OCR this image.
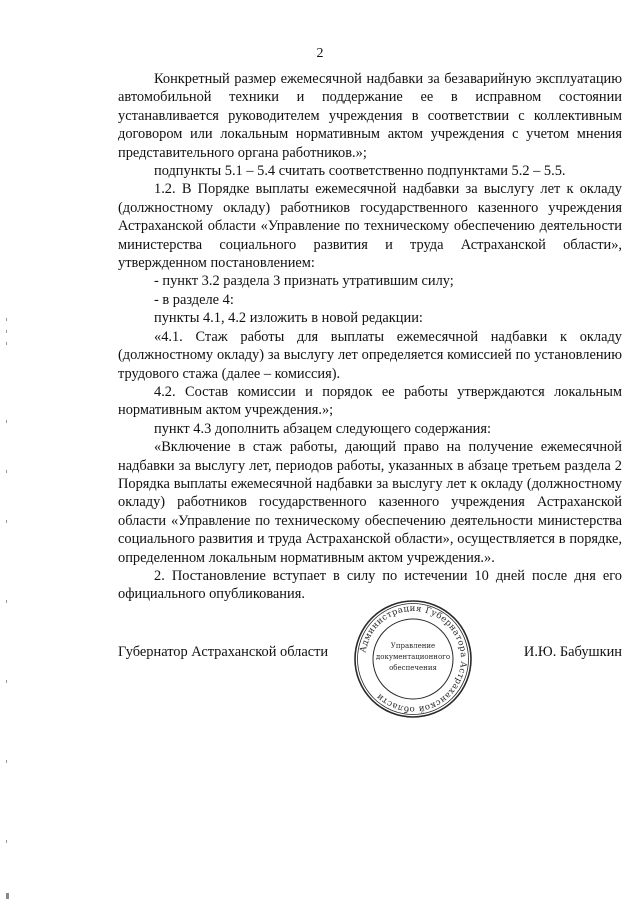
2

Конкретный размер ежемесячной надбавки за безаварийную эксплуатацию автомобильной техники и поддержание ее в исправном состоянии устанавливается руководителем учреждения в соответствии с коллективным договором или локальным нормативным актом учреждения с учетом мнения представительного органа работников.»;

подпункты 5.1 – 5.4 считать соответственно подпунктами 5.2 – 5.5.

1.2. В Порядке выплаты ежемесячной надбавки за выслугу лет к окладу (должностному окладу) работников государственного казенного учреждения Астраханской области «Управление по техническому обеспечению деятельности министерства социального развития и труда Астраханской области», утвержденном постановлением:

- пункт 3.2 раздела 3 признать утратившим силу;

- в разделе 4:

пункты 4.1, 4.2 изложить в новой редакции:

«4.1. Стаж работы для выплаты ежемесячной надбавки к окладу (должностному окладу) за выслугу лет определяется комиссией по установлению трудового стажа (далее – комиссия).

4.2. Состав комиссии и порядок ее работы утверждаются локальным нормативным актом учреждения.»;

пункт 4.3 дополнить абзацем следующего содержания:

«Включение в стаж работы, дающий право на получение ежемесячной надбавки за выслугу лет, периодов работы, указанных в абзаце третьем раздела 2 Порядка выплаты ежемесячной надбавки за выслугу лет к окладу (должностному окладу) работников государственного казенного учреждения Астраханской области «Управление по техническому обеспечению деятельности министерства социального развития и труда Астраханской области», осуществляется в порядке, определенном локальным нормативным актом учреждения.».

2. Постановление вступает в силу по истечении 10 дней после дня его официального опубликования.

Губернатор Астраханской области	И.Ю. Бабушкин
Администрация Губернатора Астраханской области
Управление
документационного
обеспечения
